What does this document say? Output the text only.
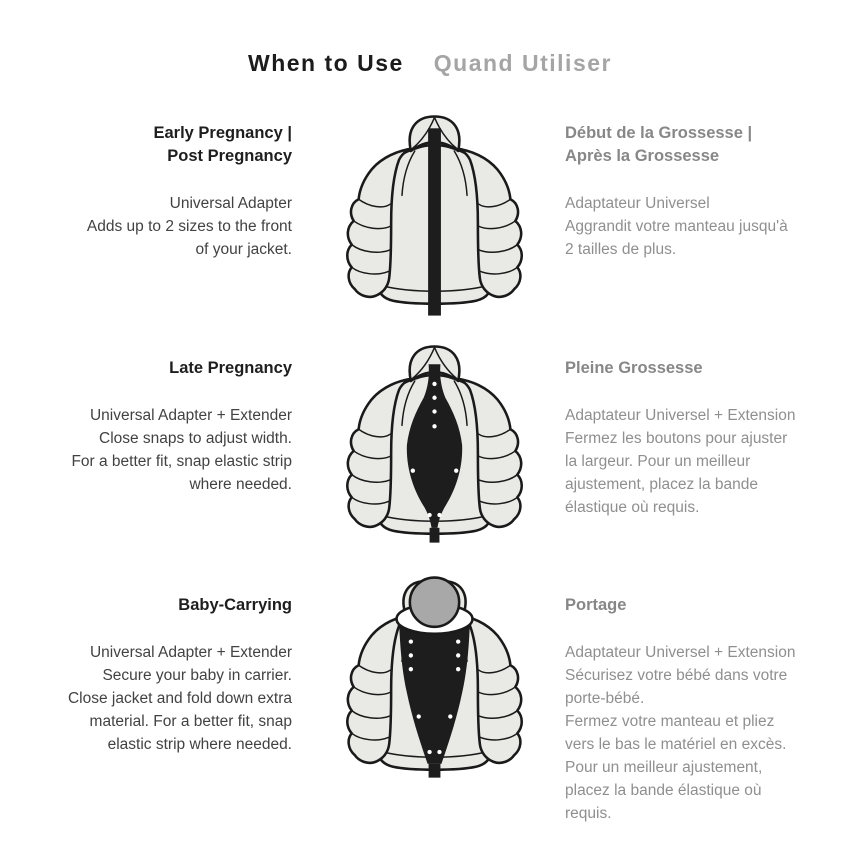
When to Use Quand Utiliser
Early Pregnancy |
Post Pregnancy
Universal Adapter
Adds up to 2 sizes to the front
of your jacket.
Début de la Grossesse |
Après la Grossesse
Adaptateur Universel
Aggrandit votre manteau jusqu'à
2 tailles de plus.
Late Pregnancy
Universal Adapter + Extender
Close snaps to adjust width.
For a better fit, snap elastic strip
where needed.
Pleine Grossesse
Adaptateur Universel + Extension
Fermez les boutons pour ajuster
la largeur. Pour un meilleur
ajustement, placez la bande
élastique où requis.
Baby-Carrying
Universal Adapter + Extender
Secure your baby in carrier.
Close jacket and fold down extra
material. For a better fit, snap
elastic strip where needed.
Portage
Adaptateur Universel + Extension
Sécurisez votre bébé dans votre
porte-bébé.
Fermez votre manteau et pliez
vers le bas le matériel en excès.
Pour un meilleur ajustement,
placez la bande élastique où
requis.
